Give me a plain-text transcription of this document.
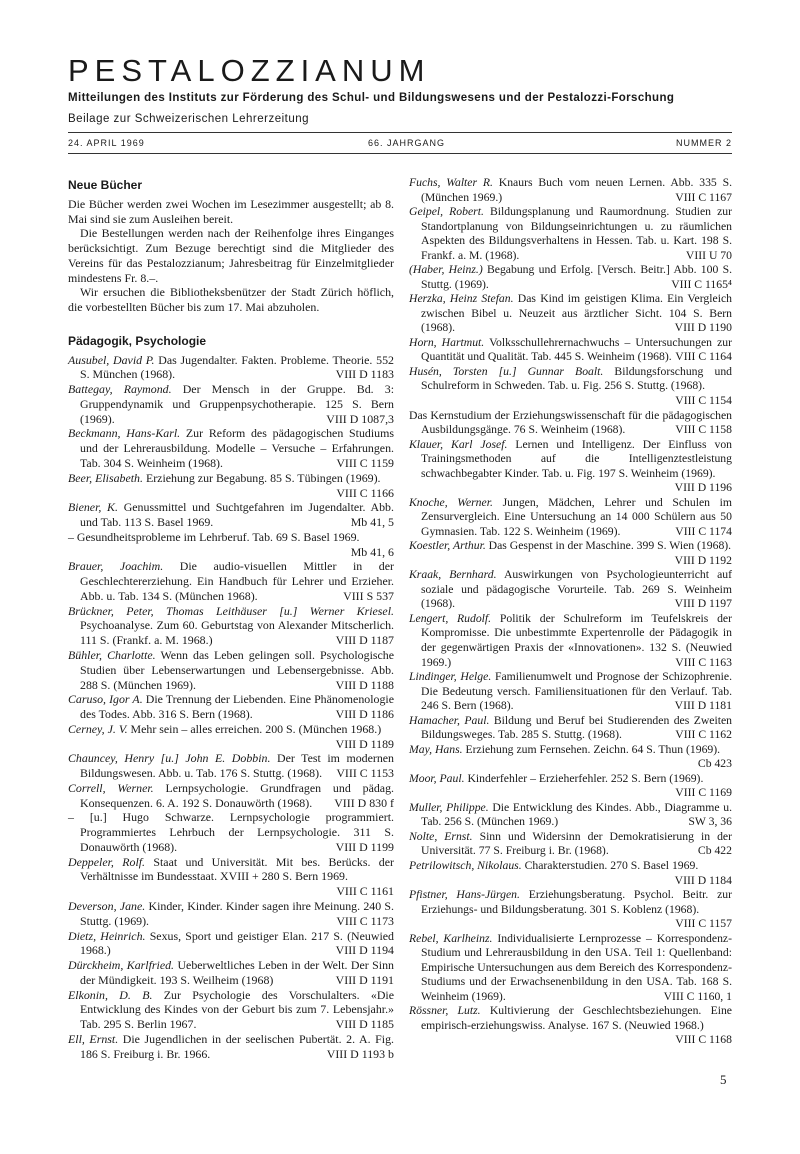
PESTALOZZIANUM
Mitteilungen des Instituts zur Förderung des Schul- und Bildungswesens und der Pestalozzi-Forschung
Beilage zur Schweizerischen Lehrerzeitung
24. APRIL 1969	66. JAHRGANG	NUMMER 2
Neue Bücher

Die Bücher werden zwei Wochen im Lesezimmer ausgestellt; ab 8. Mai sind sie zum Ausleihen bereit.

Die Bestellungen werden nach der Reihenfolge ihres Einganges berücksichtigt. Zum Bezuge berechtigt sind die Mitglieder des Vereins für das Pestalozzianum; Jahresbeitrag für Einzelmitglieder mindestens Fr. 8.–.

Wir ersuchen die Bibliotheksbenützer der Stadt Zürich höflich, die vorbestellten Bücher bis zum 17. Mai abzuholen.

Pädagogik, Psychologie

Ausubel, David P. Das Jugendalter. Fakten. Probleme. Theorie. 552 S. München (1968).	VIII D 1183

Battegay, Raymond. Der Mensch in der Gruppe. Bd. 3: Gruppendynamik und Gruppenpsychotherapie. 125 S. Bern (1969).	VIII D 1087,3

Beckmann, Hans-Karl. Zur Reform des pädagogischen Studiums und der Lehrerausbildung. Modelle – Versuche – Erfahrungen. Tab. 304 S. Weinheim (1968).	VIII C 1159

Beer, Elisabeth. Erziehung zur Begabung. 85 S. Tübingen (1969).
VIII C 1166

Biener, K. Genussmittel und Suchtgefahren im Jugendalter. Abb. und Tab. 113 S. Basel 1969.	Mb 41, 5

– Gesundheitsprobleme im Lehrberuf. Tab. 69 S. Basel 1969.
Mb 41, 6

Brauer, Joachim. Die audio-visuellen Mittler in der Geschlechtererziehung. Ein Handbuch für Lehrer und Erzieher. Abb. u. Tab. 134 S. (München 1968).	VIII S 537

Brückner, Peter, Thomas Leithäuser [u.] Werner Kriesel. Psychoanalyse. Zum 60. Geburtstag von Alexander Mitscherlich. 111 S. (Frankf. a. M. 1968.)	VIII D 1187

Bühler, Charlotte. Wenn das Leben gelingen soll. Psychologische Studien über Lebenserwartungen und Lebensergebnisse. Abb. 288 S. (München 1969).	VIII D 1188

Caruso, Igor A. Die Trennung der Liebenden. Eine Phänomenologie des Todes. Abb. 316 S. Bern (1968).	VIII D 1186

Cerney, J. V. Mehr sein – alles erreichen. 200 S. (München 1968.)
VIII D 1189

Chauncey, Henry [u.] John E. Dobbin. Der Test im modernen Bildungswesen. Abb. u. Tab. 176 S. Stuttg. (1968). VIII C 1153

Correll, Werner. Lernpsychologie. Grundfragen und pädag. Konsequenzen. 6. A. 192 S. Donauwörth (1968). VIII D 830 f

– [u.] Hugo Schwarze. Lernpsychologie programmiert. Programmiertes Lehrbuch der Lernpsychologie. 311 S. Donauwörth (1968).	VIII D 1199

Deppeler, Rolf. Staat und Universität. Mit bes. Berücks. der Verhältnisse im Bundesstaat. XVIII + 280 S. Bern 1969.
VIII C 1161

Deverson, Jane. Kinder, Kinder. Kinder sagen ihre Meinung. 240 S. Stuttg. (1969).	VIII C 1173

Dietz, Heinrich. Sexus, Sport und geistiger Elan. 217 S. (Neuwied 1968.)	VIII D 1194

Dürckheim, Karlfried. Ueberweltliches Leben in der Welt. Der Sinn der Mündigkeit. 193 S. Weilheim (1968)	VIII D 1191

Elkonin, D. B. Zur Psychologie des Vorschulalters. «Die Entwicklung des Kindes von der Geburt bis zum 7. Lebensjahr.» Tab. 295 S. Berlin 1967.	VIII D 1185

Ell, Ernst. Die Jugendlichen in der seelischen Pubertät. 2. A. Fig. 186 S. Freiburg i. Br. 1966.	VIII D 1193 b

Fuchs, Walter R. Knaurs Buch vom neuen Lernen. Abb. 335 S. (München 1969.)	VIII C 1167

Geipel, Robert. Bildungsplanung und Raumordnung. Studien zur Standortplanung von Bildungseinrichtungen u. zu räumlichen Aspekten des Bildungsverhaltens in Hessen. Tab. u. Kart. 198 S. Frankf. a. M. (1968).	VIII U 70

(Haber, Heinz.) Begabung und Erfolg. [Versch. Beitr.] Abb. 100 S. Stuttg. (1969).	VIII C 1165⁴

Herzka, Heinz Stefan. Das Kind im geistigen Klima. Ein Vergleich zwischen Bibel u. Neuzeit aus ärztlicher Sicht. 104 S. Bern (1968).	VIII D 1190

Horn, Hartmut. Volksschullehrernachwuchs – Untersuchungen zur Quantität und Qualität. Tab. 445 S. Weinheim (1968). VIII C 1164

Husén, Torsten [u.] Gunnar Boalt. Bildungsforschung und Schulreform in Schweden. Tab. u. Fig. 256 S. Stuttg. (1968).
VIII C 1154

Das Kernstudium der Erziehungswissenschaft für die pädagogischen Ausbildungsgänge. 76 S. Weinheim (1968).	VIII C 1158

Klauer, Karl Josef. Lernen und Intelligenz. Der Einfluss von Trainingsmethoden auf die Intelligenztestleistung schwachbegabter Kinder. Tab. u. Fig. 197 S. Weinheim (1969).
VIII D 1196

Knoche, Werner. Jungen, Mädchen, Lehrer und Schulen im Zensurvergleich. Eine Untersuchung an 14 000 Schülern aus 50 Gymnasien. Tab. 122 S. Weinheim (1969).	VIII C 1174

Koestler, Arthur. Das Gespenst in der Maschine. 399 S. Wien (1968).
VIII D 1192

Kraak, Bernhard. Auswirkungen von Psychologieunterricht auf soziale und pädagogische Vorurteile. Tab. 269 S. Weinheim (1968).	VIII D 1197

Lengert, Rudolf. Politik der Schulreform im Teufelskreis der Kompromisse. Die unbestimmte Expertenrolle der Pädagogik in der gegenwärtigen Praxis der «Innovationen». 132 S. (Neuwied 1969.)	VIII C 1163

Lindinger, Helge. Familienumwelt und Prognose der Schizophrenie. Die Bedeutung versch. Familiensituationen für den Verlauf. Tab. 246 S. Bern (1968).	VIII D 1181

Hamacher, Paul. Bildung und Beruf bei Studierenden des Zweiten Bildungsweges. Tab. 285 S. Stuttg. (1968).	VIII C 1162

May, Hans. Erziehung zum Fernsehen. Zeichn. 64 S. Thun (1969).
Cb 423

Moor, Paul. Kinderfehler – Erzieherfehler. 252 S. Bern (1969).
VIII C 1169

Muller, Philippe. Die Entwicklung des Kindes. Abb., Diagramme u. Tab. 256 S. (München 1969.)	SW 3, 36

Nolte, Ernst. Sinn und Widersinn der Demokratisierung in der Universität. 77 S. Freiburg i. Br. (1968).	Cb 422

Petrilowitsch, Nikolaus. Charakterstudien. 270 S. Basel 1969.
VIII D 1184

Pfistner, Hans-Jürgen. Erziehungsberatung. Psychol. Beitr. zur Erziehungs- und Bildungsberatung. 301 S. Koblenz (1968).
VIII C 1157

Rebel, Karlheinz. Individualisierte Lernprozesse – Korrespondenz-Studium und Lehrerausbildung in den USA. Teil 1: Quellenband: Empirische Untersuchungen aus dem Bereich des Korrespondenz-Studiums und der Erwachsenenbildung in den USA. Tab. 168 S. Weinheim (1969).	VIII C 1160, 1

Rössner, Lutz. Kultivierung der Geschlechtsbeziehungen. Eine empirisch-erziehungswiss. Analyse. 167 S. (Neuwied 1968.)
VIII C 1168

5
